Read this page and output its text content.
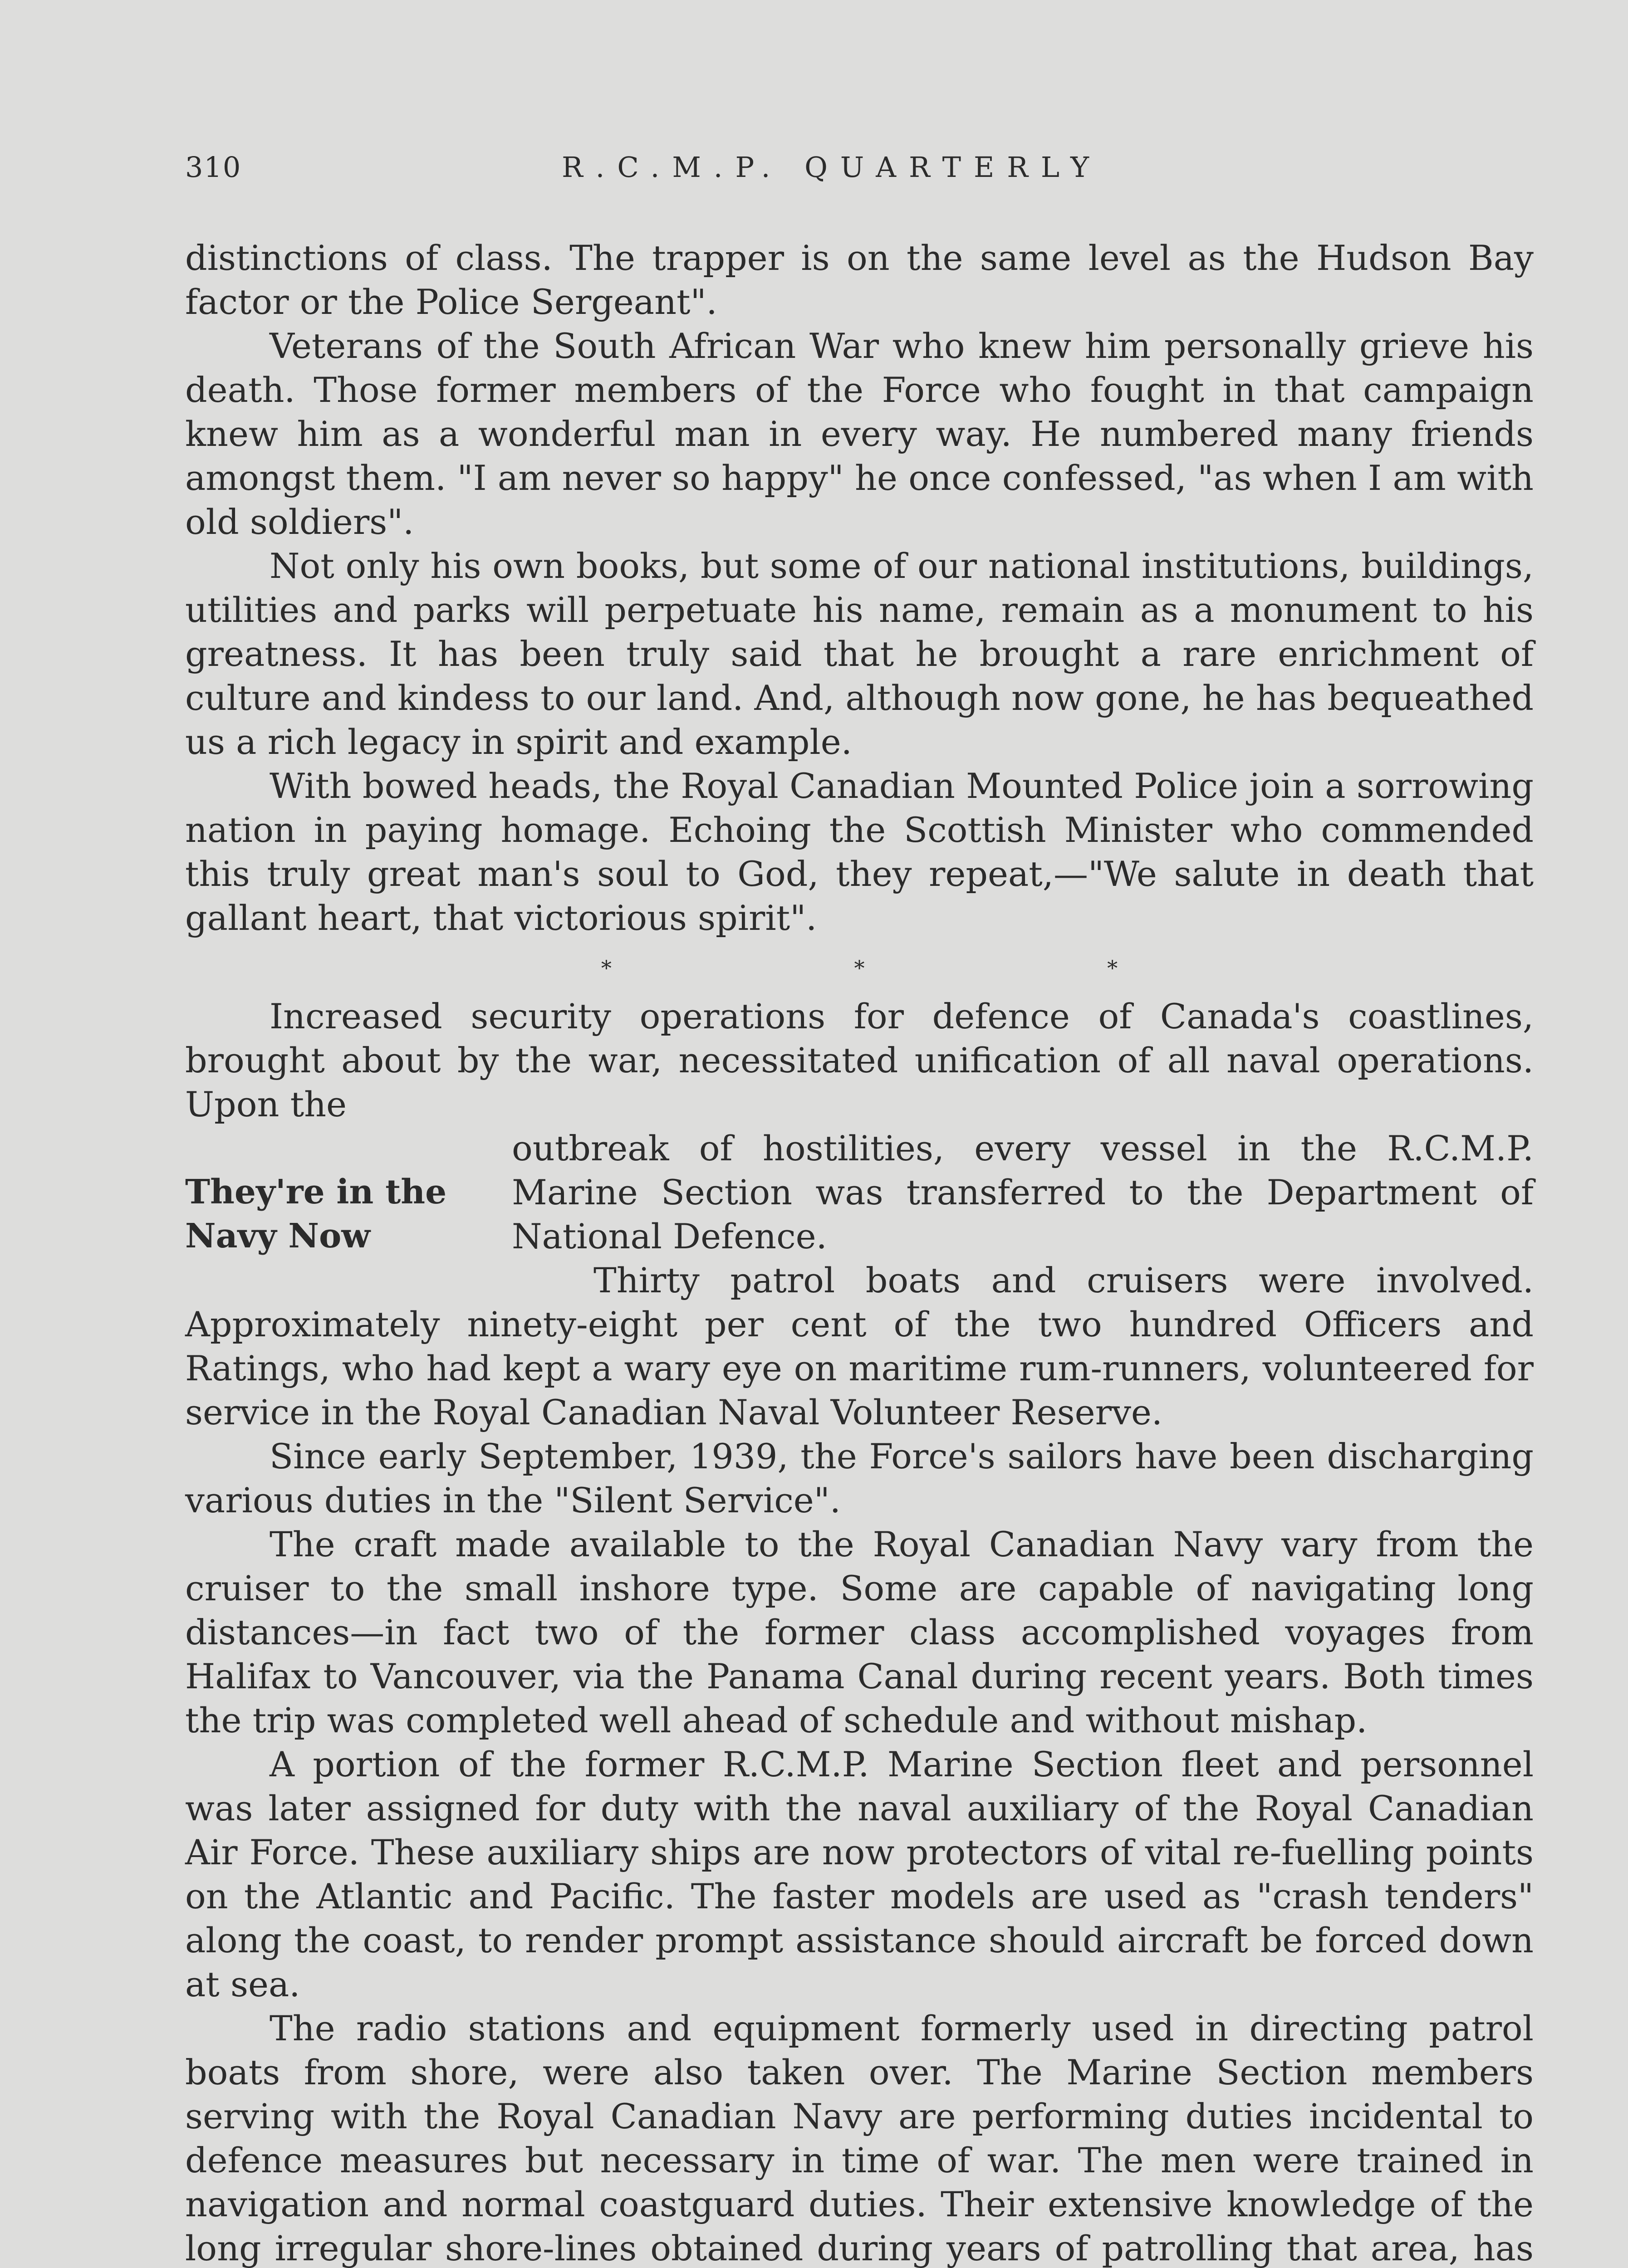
310	R.C.M.P. QUARTERLY

distinctions of class. The trapper is on the same level as the Hudson Bay factor or the Police Sergeant".

Veterans of the South African War who knew him personally grieve his death. Those former members of the Force who fought in that campaign knew him as a wonderful man in every way. He numbered many friends amongst them. "I am never so happy" he once confessed, "as when I am with old soldiers".

Not only his own books, but some of our national institutions, buildings, utilities and parks will perpetuate his name, remain as a monument to his greatness. It has been truly said that he brought a rare enrichment of culture and kindess to our land. And, although now gone, he has bequeathed us a rich legacy in spirit and example.

With bowed heads, the Royal Canadian Mounted Police join a sorrowing nation in paying homage. Echoing the Scottish Minister who commended this truly great man's soul to God, they repeat,—"We salute in death that gallant heart, that victorious spirit".

* * *

Increased security operations for defence of Canada's coastlines, brought about by the war, necessitated unification of all naval operations. Upon the

They're in the Navy Now

outbreak of hostilities, every vessel in the R.C.M.P. Marine Section was transferred to the Department of National Defence.

Thirty patrol boats and cruisers were involved. Approximately ninety-eight per cent of the two hundred Officers and Ratings, who had kept a wary eye on maritime rum-runners, volunteered for service in the Royal Canadian Naval Volunteer Reserve.

Since early September, 1939, the Force's sailors have been discharging various duties in the "Silent Service".

The craft made available to the Royal Canadian Navy vary from the cruiser to the small inshore type. Some are capable of navigating long distances—in fact two of the former class accomplished voyages from Halifax to Vancouver, via the Panama Canal during recent years. Both times the trip was completed well ahead of schedule and without mishap.

A portion of the former R.C.M.P. Marine Section fleet and personnel was later assigned for duty with the naval auxiliary of the Royal Canadian Air Force. These auxiliary ships are now protectors of vital re-fuelling points on the Atlantic and Pacific. The faster models are used as "crash tenders" along the coast, to render prompt assistance should aircraft be forced down at sea.

The radio stations and equipment formerly used in directing patrol boats from shore, were also taken over. The Marine Section members serving with the Royal Canadian Navy are performing duties incidental to defence measures but necessary in time of war. The men were trained in navigation and normal coastguard duties. Their extensive knowledge of the long irregular shore-lines obtained during years of patrolling that area, has
